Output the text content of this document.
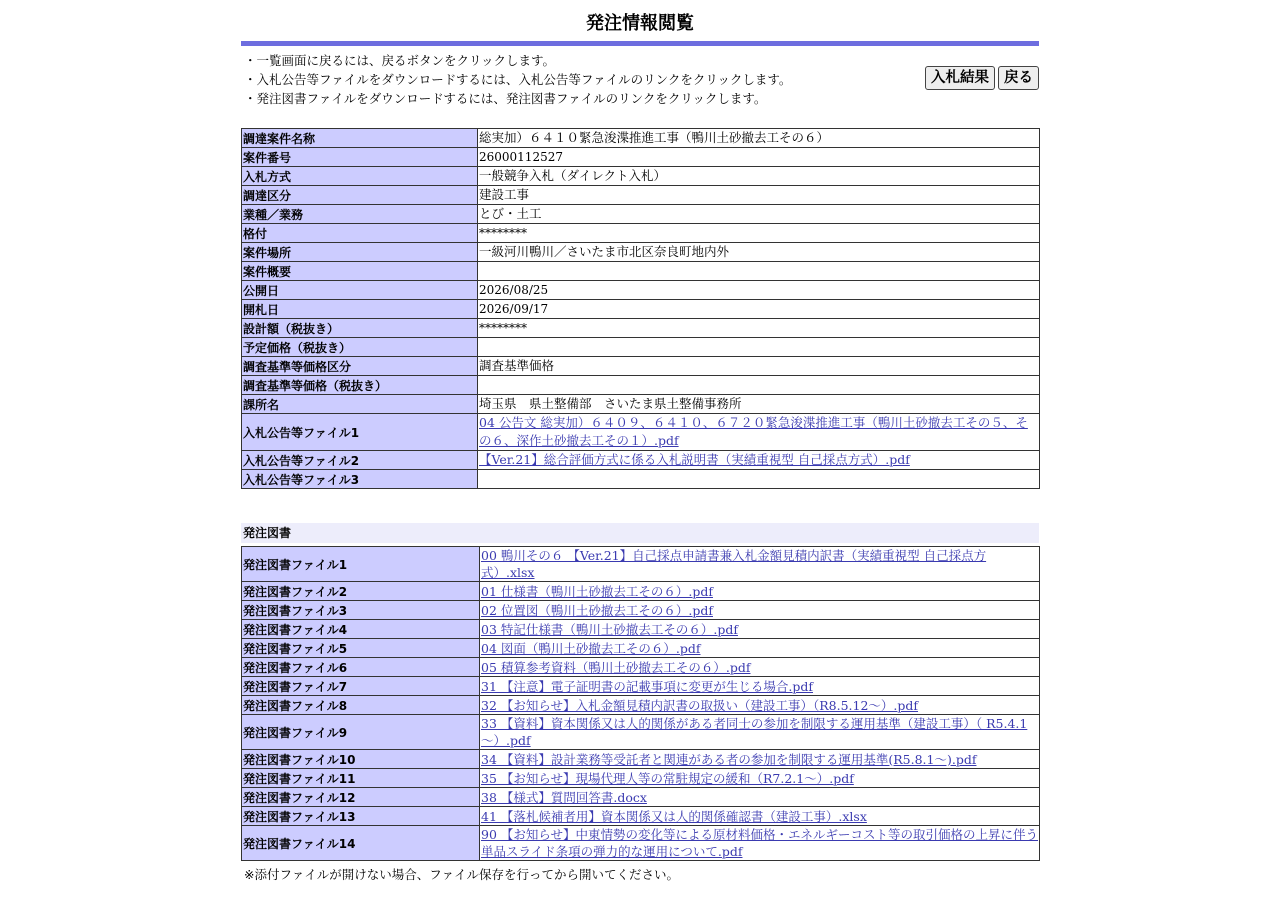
発注情報閲覧
・一覧画面に戻るには、戻るボタンをクリックします。
・入札公告等ファイルをダウンロードするには、入札公告等ファイルのリンクをクリックします。
・発注図書ファイルをダウンロードするには、発注図書ファイルのリンクをクリックします。
入札結果	戻る
調達案件名称	総実加）６４１０緊急浚渫推進工事（鴨川土砂撤去工その６）
案件番号	26000112527
入札方式	一般競争入札（ダイレクト入札）
調達区分	建設工事
業種／業務	とび・土工
格付	********
案件場所	一級河川鴨川／さいたま市北区奈良町地内外
案件概要	
公開日	2026/08/25
開札日	2026/09/17
設計額（税抜き）	********
予定価格（税抜き）	
調査基準等価格区分	調査基準価格
調査基準等価格（税抜き）	
課所名	埼玉県　県土整備部　さいたま県土整備事務所
入札公告等ファイル1	04 公告文 総実加）６４０９、６４１０、６７２０緊急浚渫推進工事（鴨川土砂撤去工その５、その６、深作土砂撤去工その１）.pdf
入札公告等ファイル2	【Ver.21】総合評価方式に係る入札説明書（実績重視型 自己採点方式）.pdf
入札公告等ファイル3	
発注図書
発注図書ファイル1	00 鴨川その６ 【Ver.21】自己採点申請書兼入札金額見積内訳書（実績重視型 自己採点方式）.xlsx
発注図書ファイル2	01 仕様書（鴨川土砂撤去工その６）.pdf
発注図書ファイル3	02 位置図（鴨川土砂撤去工その６）.pdf
発注図書ファイル4	03 特記仕様書（鴨川土砂撤去工その６）.pdf
発注図書ファイル5	04 図面（鴨川土砂撤去工その６）.pdf
発注図書ファイル6	05 積算参考資料（鴨川土砂撤去工その６）.pdf
発注図書ファイル7	31 【注意】電子証明書の記載事項に変更が生じる場合.pdf
発注図書ファイル8	32 【お知らせ】入札金額見積内訳書の取扱い（建設工事）（R8.5.12～）.pdf
発注図書ファイル9	33 【資料】資本関係又は人的関係がある者同士の参加を制限する運用基準（建設工事）（ R5.4.1～）.pdf
発注図書ファイル10	34 【資料】設計業務等受託者と関連がある者の参加を制限する運用基準(R5.8.1～).pdf
発注図書ファイル11	35 【お知らせ】現場代理人等の常駐規定の緩和（R7.2.1～）.pdf
発注図書ファイル12	38 【様式】質問回答書.docx
発注図書ファイル13	41 【落札候補者用】資本関係又は人的関係確認書（建設工事）.xlsx
発注図書ファイル14	90 【お知らせ】中東情勢の変化等による原材料価格・エネルギーコスト等の取引価格の上昇に伴う単品スライド条項の弾力的な運用について.pdf
※添付ファイルが開けない場合、ファイル保存を行ってから開いてください。
